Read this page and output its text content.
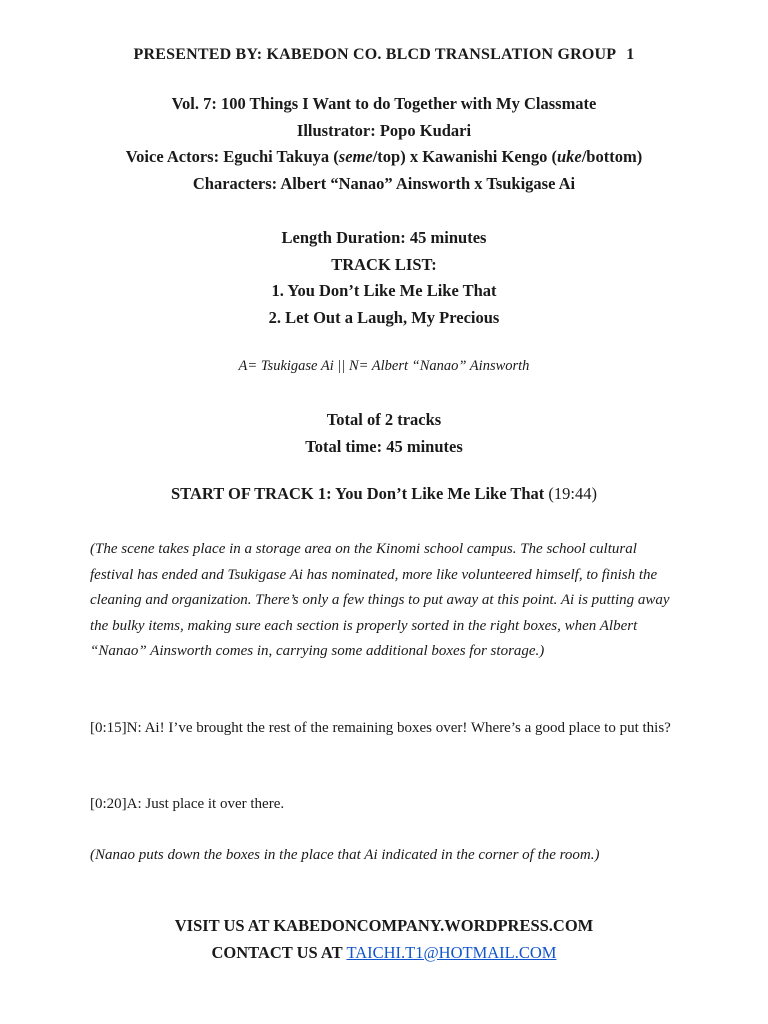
PRESENTED BY: KABEDON CO. BLCD TRANSLATION GROUP 1
Vol. 7: 100 Things I Want to do Together with My Classmate
Illustrator: Popo Kudari
Voice Actors: Eguchi Takuya (seme/top) x Kawanishi Kengo (uke/bottom)
Characters: Albert “Nanao” Ainsworth x Tsukigase Ai
Length Duration: 45 minutes
TRACK LIST:
1. You Don’t Like Me Like That
2. Let Out a Laugh, My Precious
A= Tsukigase Ai || N= Albert “Nanao” Ainsworth
Total of 2 tracks
Total time: 45 minutes
START OF TRACK 1: You Don’t Like Me Like That (19:44)
(The scene takes place in a storage area on the Kinomi school campus. The school cultural festival has ended and Tsukigase Ai has nominated, more like volunteered himself, to finish the cleaning and organization. There’s only a few things to put away at this point. Ai is putting away the bulky items, making sure each section is properly sorted in the right boxes, when Albert “Nanao” Ainsworth comes in, carrying some additional boxes for storage.)
[0:15]N: Ai! I’ve brought the rest of the remaining boxes over! Where’s a good place to put this?
[0:20]A: Just place it over there.
(Nanao puts down the boxes in the place that Ai indicated in the corner of the room.)
VISIT US AT KABEDONCOMPANY.WORDPRESS.COM
CONTACT US AT TAICHI.T1@HOTMAIL.COM
